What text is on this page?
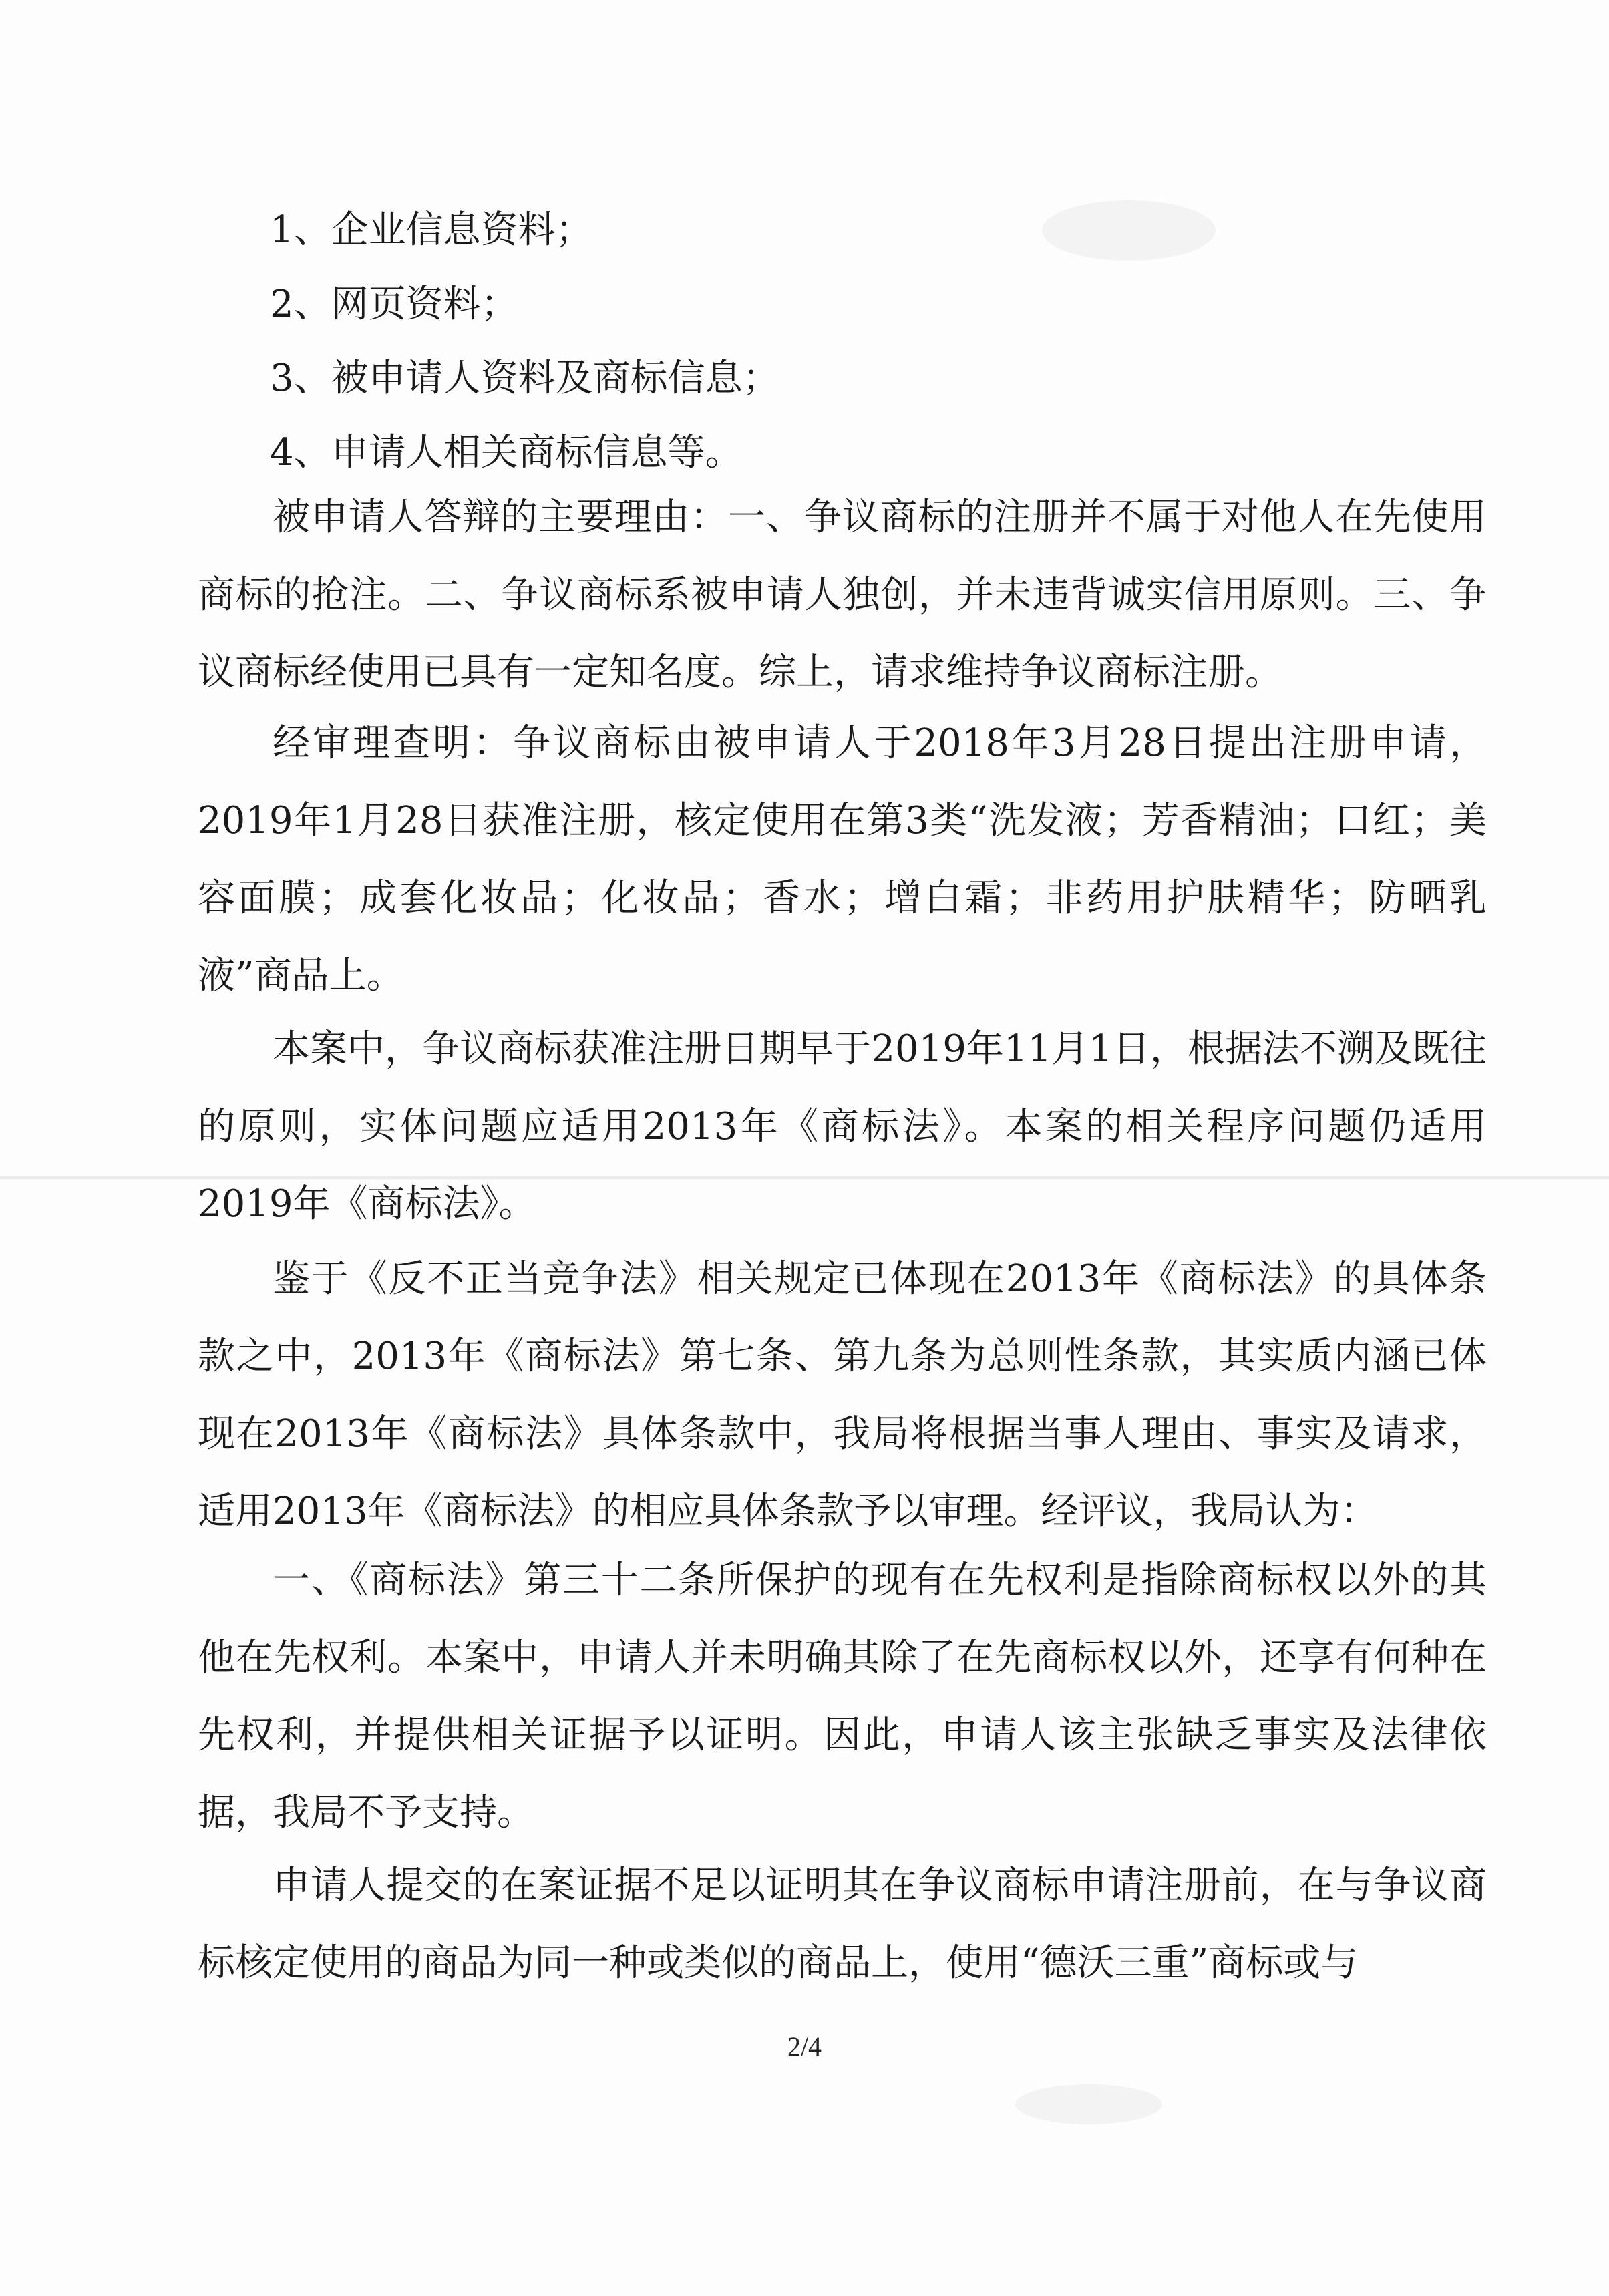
1、企业信息资料；
2、网页资料；
3、被申请人资料及商标信息；
4、申请人相关商标信息等。
被申请人答辩的主要理由：一、争议商标的注册并不属于对他人在先使用商标的抢注。二、争议商标系被申请人独创，并未违背诚实信用原则。三、争议商标经使用已具有一定知名度。综上，请求维持争议商标注册。
经审理查明：争议商标由被申请人于2018年3月28日提出注册申请，2019年1月28日获准注册，核定使用在第3类“洗发液；芳香精油；口红；美容面膜；成套化妆品；化妆品；香水；增白霜；非药用护肤精华；防晒乳液”商品上。
本案中，争议商标获准注册日期早于2019年11月1日，根据法不溯及既往的原则，实体问题应适用2013年《商标法》。本案的相关程序问题仍适用2019年《商标法》。
鉴于《反不正当竞争法》相关规定已体现在2013年《商标法》的具体条款之中，2013年《商标法》第七条、第九条为总则性条款，其实质内涵已体现在2013年《商标法》具体条款中，我局将根据当事人理由、事实及请求，适用2013年《商标法》的相应具体条款予以审理。经评议，我局认为：
一、《商标法》第三十二条所保护的现有在先权利是指除商标权以外的其他在先权利。本案中，申请人并未明确其除了在先商标权以外，还享有何种在先权利，并提供相关证据予以证明。因此，申请人该主张缺乏事实及法律依据，我局不予支持。
申请人提交的在案证据不足以证明其在争议商标申请注册前，在与争议商标核定使用的商品为同一种或类似的商品上，使用“德沃三重”商标或与
2/4
